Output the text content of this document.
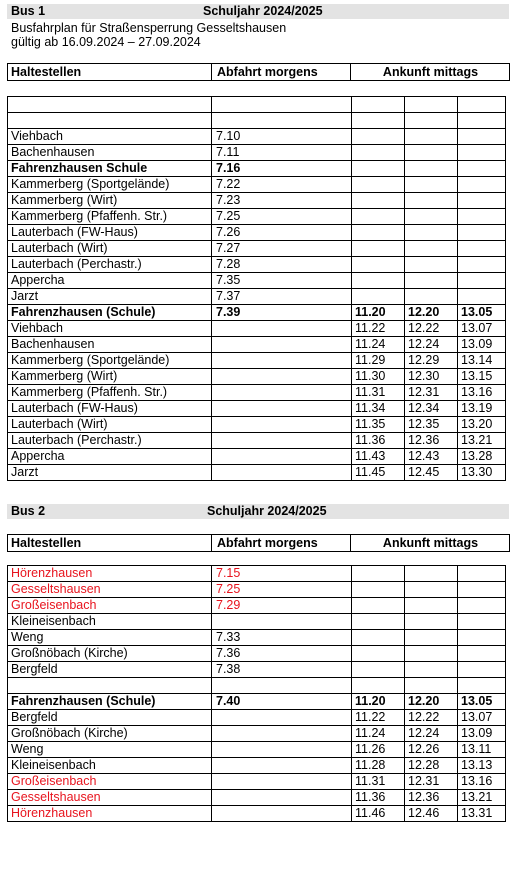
Bus 1	Schuljahr 2024/2025
Busfahrplan für Straßensperrung Gesseltshausen
gültig ab 16.09.2024 – 27.09.2024
Haltestellen	Abfahrt morgens	Ankunft mittags

Viehbach	7.10			
Bachenhausen	7.11			
Fahrenzhausen Schule	7.16			
Kammerberg (Sportgelände)	7.22			
Kammerberg (Wirt)	7.23			
Kammerberg (Pfaffenh. Str.)	7.25			
Lauterbach (FW-Haus)	7.26			
Lauterbach (Wirt)	7.27			
Lauterbach (Perchastr.)	7.28			
Appercha	7.35			
Jarzt	7.37			
Fahrenzhausen (Schule)	7.39	11.20	12.20	13.05
Viehbach		11.22	12.22	13.07
Bachenhausen		11.24	12.24	13.09
Kammerberg (Sportgelände)		11.29	12.29	13.14
Kammerberg (Wirt)		11.30	12.30	13.15
Kammerberg (Pfaffenh. Str.)		11.31	12.31	13.16
Lauterbach (FW-Haus)		11.34	12.34	13.19
Lauterbach (Wirt)		11.35	12.35	13.20
Lauterbach (Perchastr.)		11.36	12.36	13.21
Appercha		11.43	12.43	13.28
Jarzt		11.45	12.45	13.30
Bus 2	Schuljahr 2024/2025
Haltestellen	Abfahrt morgens	Ankunft mittags
Hörenzhausen	7.15			
Gesseltshausen	7.25			
Großeisenbach	7.29			
Kleineisenbach				
Weng	7.33			
Großnöbach (Kirche)	7.36			
Bergfeld	7.38			

Fahrenzhausen (Schule)	7.40	11.20	12.20	13.05
Bergfeld		11.22	12.22	13.07
Großnöbach (Kirche)		11.24	12.24	13.09
Weng		11.26	12.26	13.11
Kleineisenbach		11.28	12.28	13.13
Großeisenbach		11.31	12.31	13.16
Gesseltshausen		11.36	12.36	13.21
Hörenzhausen		11.46	12.46	13.31
